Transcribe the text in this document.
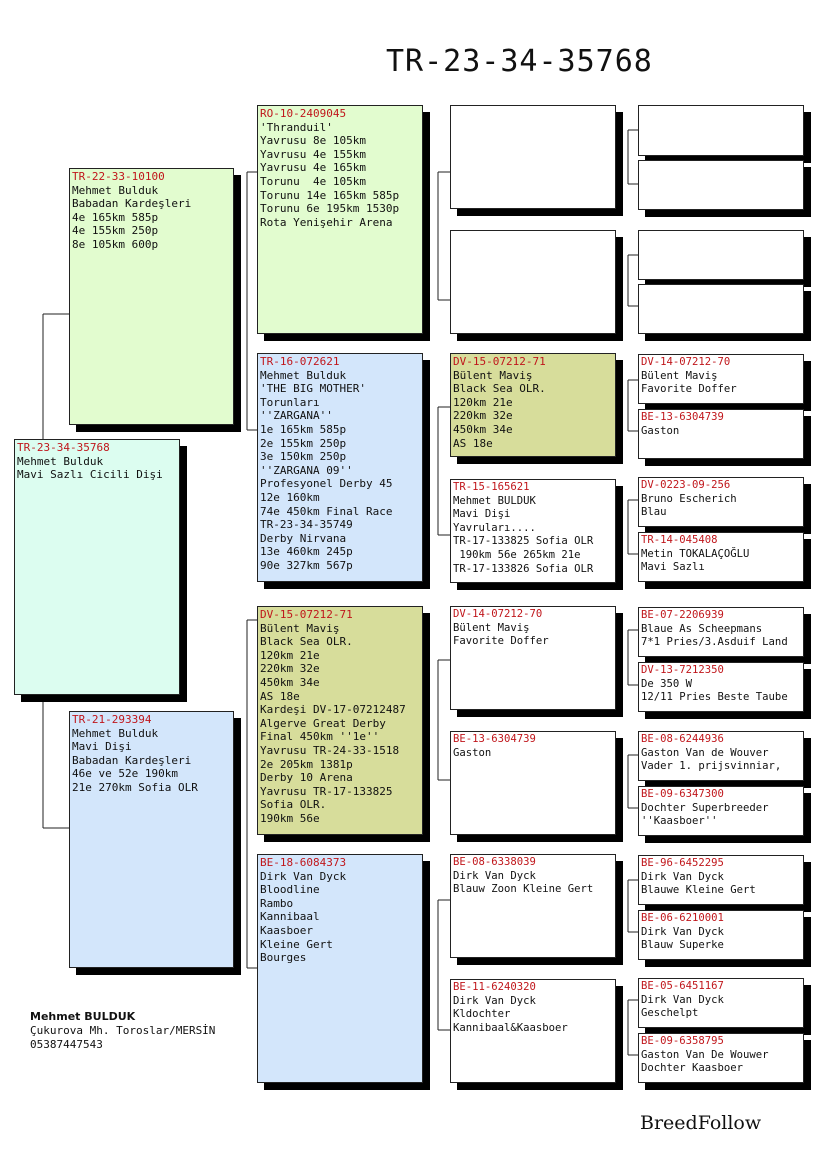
TR-23-34-35768
TR-23-34-35768
Mehmet Bulduk
Mavi Sazlı Cicili Dişi
TR-22-33-10100
Mehmet Bulduk
Babadan Kardeşleri
4e 165km 585p
4e 155km 250p
8e 105km 600p
TR-21-293394
Mehmet Bulduk
Mavi Dişi
Babadan Kardeşleri
46e ve 52e 190km
21e 270km Sofia OLR
RO-10-2409045
'Thranduil'
Yavrusu 8e 105km
Yavrusu 4e 155km
Yavrusu 4e 165km
Torunu  4e 105km
Torunu 14e 165km 585p
Torunu 6e 195km 1530p
Rota Yenişehir Arena
TR-16-072621
Mehmet Bulduk
'THE BIG MOTHER'
Torunları
''ZARGANA''
1e 165km 585p
2e 155km 250p
3e 150km 250p
''ZARGANA 09''
Profesyonel Derby 45
12e 160km
74e 450km Final Race
TR-23-34-35749
Derby Nirvana
13e 460km 245p
90e 327km 567p
DV-15-07212-71
Bülent Maviş
Black Sea OLR.
120km 21e
220km 32e
450km 34e
AS 18e
Kardeşi DV-17-07212487
Algerve Great Derby
Final 450km ''1e''
Yavrusu TR-24-33-1518
2e 205km 1381p
Derby 10 Arena
Yavrusu TR-17-133825
Sofia OLR.
190km 56e
BE-18-6084373
Dirk Van Dyck
Bloodline
Rambo
Kannibaal
Kaasboer
Kleine Gert
Bourges
DV-15-07212-71
Bülent Maviş
Black Sea OLR.
120km 21e
220km 32e
450km 34e
AS 18e
TR-15-165621
Mehmet BULDUK
Mavi Dişi
Yavruları....
TR-17-133825 Sofia OLR
190km 56e 265km 21e
TR-17-133826 Sofia OLR
DV-14-07212-70
Bülent Maviş
Favorite Doffer
BE-13-6304739
Gaston
BE-08-6338039
Dirk Van Dyck
Blauw Zoon Kleine Gert
BE-11-6240320
Dirk Van Dyck
Kldochter
Kannibaal&Kaasboer
DV-14-07212-70
Bülent Maviş
Favorite Doffer
BE-13-6304739
Gaston
DV-0223-09-256
Bruno Escherich
Blau
TR-14-045408
Metin TOKALAÇOĞLU
Mavi Sazlı
BE-07-2206939
Blaue As Scheepmans
7*1 Pries/3.Asduif Land
DV-13-7212350
De 350 W
12/11 Pries Beste Taube
BE-08-6244936
Gaston Van de Wouver
Vader 1. prijsvinniar,
BE-09-6347300
Dochter Superbreeder
''Kaasboer''
BE-96-6452295
Dirk Van Dyck
Blauwe Kleine Gert
BE-06-6210001
Dirk Van Dyck
Blauw Superke
BE-05-6451167
Dirk Van Dyck
Geschelpt
BE-09-6358795
Gaston Van De Wouwer
Dochter Kaasboer
Mehmet BULDUK
Çukurova Mh. Toroslar/MERSİN
05387447543
BreedFollow
